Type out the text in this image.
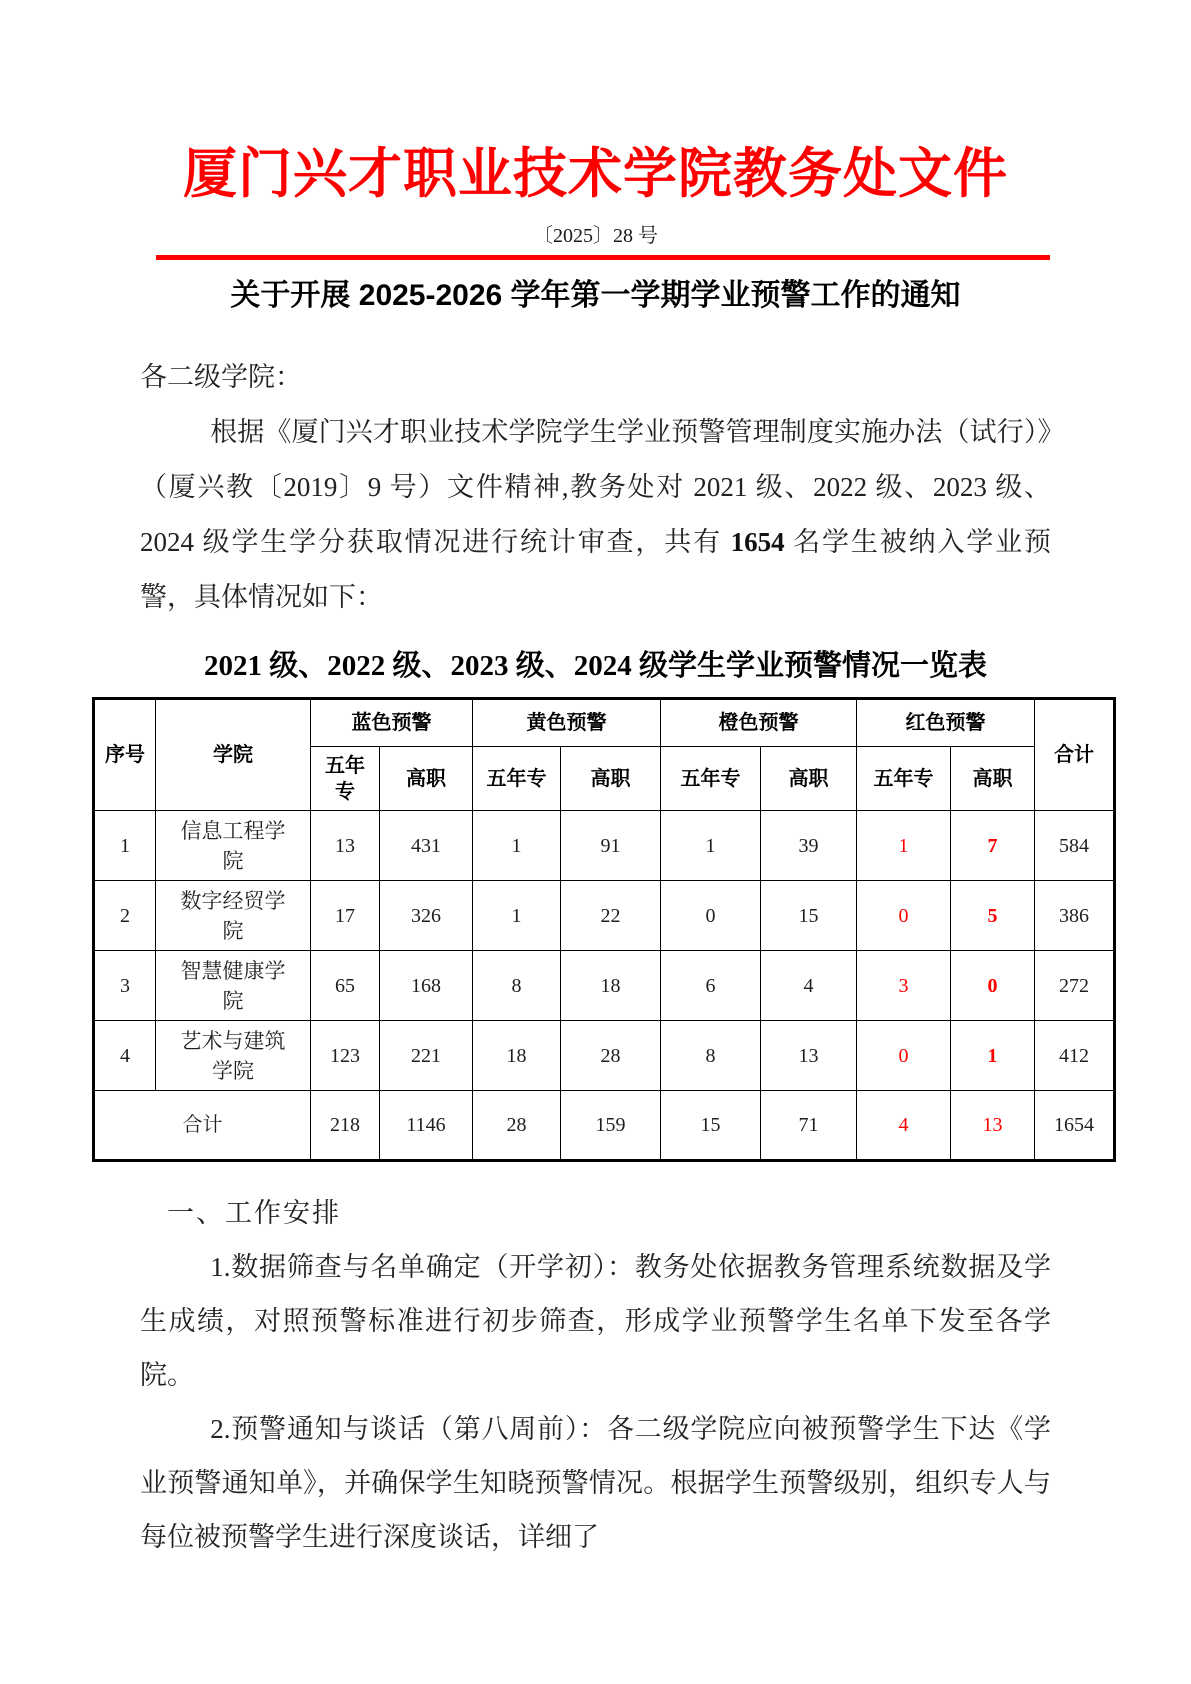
厦门兴才职业技术学院教务处文件
〔2025〕28 号
关于开展 2025-2026 学年第一学期学业预警工作的通知

各二级学院：

根据《厦门兴才职业技术学院学生学业预警管理制度实施办法（试行）》（厦兴教〔2019〕9 号）文件精神,教务处对 2021 级、2022 级、2023 级、2024 级学生学分获取情况进行统计审查，共有 1654 名学生被纳入学业预警，具体情况如下：

2021 级、2022 级、2023 级、2024 级学生学业预警情况一览表
序号	学院	蓝色预警		黄色预警		橙色预警		红色预警		合计
		五年专	高职	五年专	高职	五年专	高职	五年专	高职	
1	信息工程学院	13	431	1	91	1	39	1	7	584
2	数字经贸学院	17	326	1	22	0	15	0	5	386
3	智慧健康学院	65	168	8	18	6	4	3	0	272
4	艺术与建筑学院	123	221	18	28	8	13	0	1	412
合计		218	1146	28	159	15	71	4	13	1654

一、工作安排

1.数据筛查与名单确定（开学初）：教务处依据教务管理系统数据及学生成绩，对照预警标准进行初步筛查，形成学业预警学生名单下发至各学院。

2.预警通知与谈话（第八周前）：各二级学院应向被预警学生下达《学业预警通知单》，并确保学生知晓预警情况。根据学生预警级别，组织专人与每位被预警学生进行深度谈话，详细了
